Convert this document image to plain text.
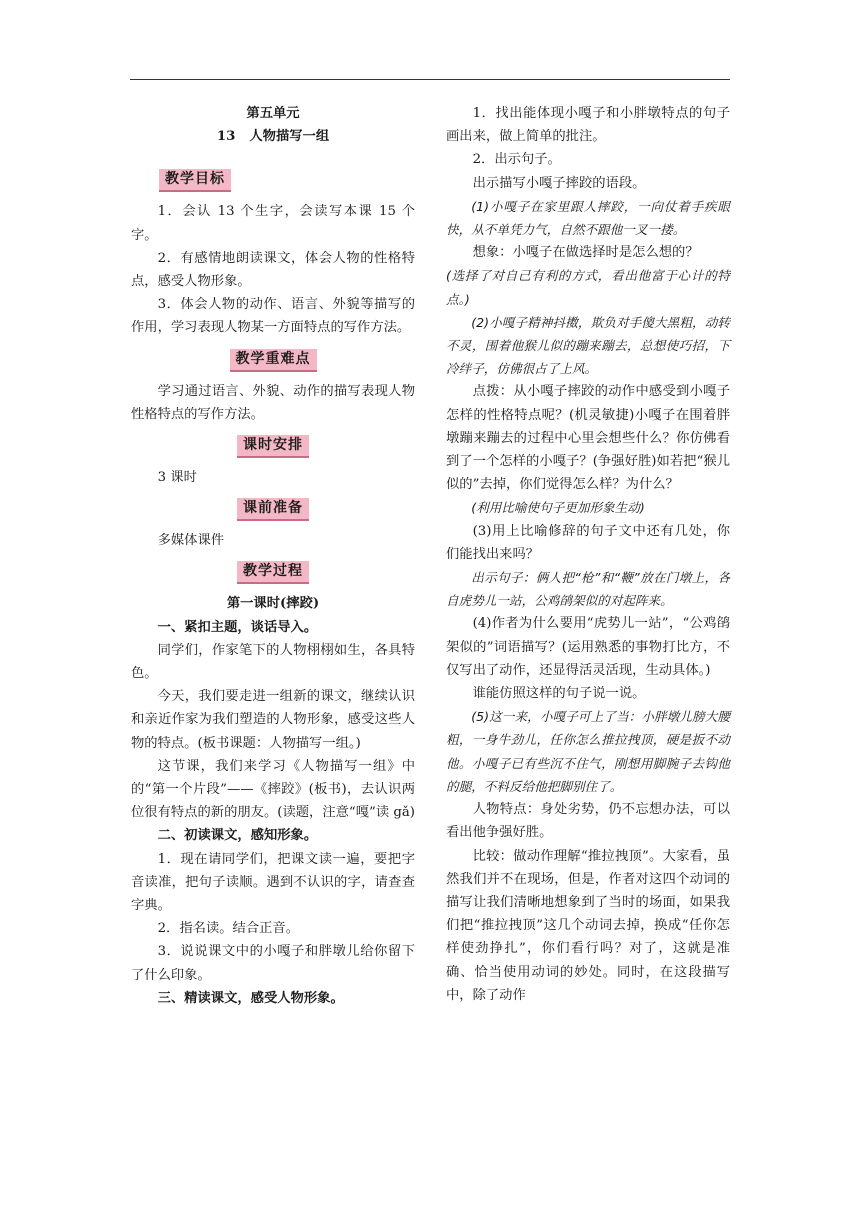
第五单元

13 人物描写一组

教学目标

1．会认 13 个生字，会读写本课 15 个字。

2．有感情地朗读课文，体会人物的性格特点，感受人物形象。

3．体会人物的动作、语言、外貌等描写的作用，学习表现人物某一方面特点的写作方法。

教学重难点

学习通过语言、外貌、动作的描写表现人物性格特点的写作方法。

课时安排

3 课时

课前准备

多媒体课件

教学过程

第一课时(摔跤)

一、紧扣主题，谈话导入。

同学们，作家笔下的人物栩栩如生，各具特色。

今天，我们要走进一组新的课文，继续认识和亲近作家为我们塑造的人物形象，感受这些人物的特点。(板书课题：人物描写一组。)

这节课，我们来学习《人物描写一组》中的“第一个片段”——《摔跤》(板书)，去认识两位很有特点的新的朋友。(读题，注意“嘎”读 gǎ)

二、初读课文，感知形象。

1．现在请同学们，把课文读一遍，要把字音读准，把句子读顺。遇到不认识的字，请查查字典。

2．指名读。结合正音。

3．说说课文中的小嘎子和胖墩儿给你留下了什么印象。

三、精读课文，感受人物形象。

1．找出能体现小嘎子和小胖墩特点的句子画出来，做上简单的批注。

2．出示句子。

出示描写小嘎子摔跤的语段。

(1)小嘎子在家里跟人摔跤，一向仗着手疾眼快，从不单凭力气，自然不跟他一叉一搂。

想象：小嘎子在做选择时是怎么想的？

(选择了对自己有利的方式，看出他富于心计的特点。)

(2)小嘎子精神抖擞，欺负对手傻大黑粗，动转不灵，围着他猴儿似的蹦来蹦去，总想使巧招，下冷绊子，仿佛很占了上风。

点拨：从小嘎子摔跤的动作中感受到小嘎子怎样的性格特点呢？(机灵敏捷)小嘎子在围着胖墩蹦来蹦去的过程中心里会想些什么？你仿佛看到了一个怎样的小嘎子？(争强好胜)如若把“猴儿似的”去掉，你们觉得怎么样？为什么？

(利用比喻使句子更加形象生动)

(3)用上比喻修辞的句子文中还有几处，你们能找出来吗？

出示句子：俩人把“枪”和“鞭”放在门墩上，各自虎势儿一站，公鸡鹐架似的对起阵来。

(4)作者为什么要用“虎势儿一站”，“公鸡鹐架似的”词语描写？(运用熟悉的事物打比方，不仅写出了动作，还显得活灵活现，生动具体。)

谁能仿照这样的句子说一说。

(5)这一来，小嘎子可上了当：小胖墩儿膀大腰粗，一身牛劲儿，任你怎么推拉拽顶，硬是扳不动他。小嘎子已有些沉不住气，刚想用脚腕子去钩他的腿，不料反给他把脚别住了。

人物特点：身处劣势，仍不忘想办法，可以看出他争强好胜。

比较：做动作理解“推拉拽顶”。大家看，虽然我们并不在现场，但是，作者对这四个动词的描写让我们清晰地想象到了当时的场面，如果我们把“推拉拽顶”这几个动词去掉，换成“任你怎样使劲挣扎”，你们看行吗？对了，这就是准确、恰当使用动词的妙处。同时，在这段描写中，除了动作
